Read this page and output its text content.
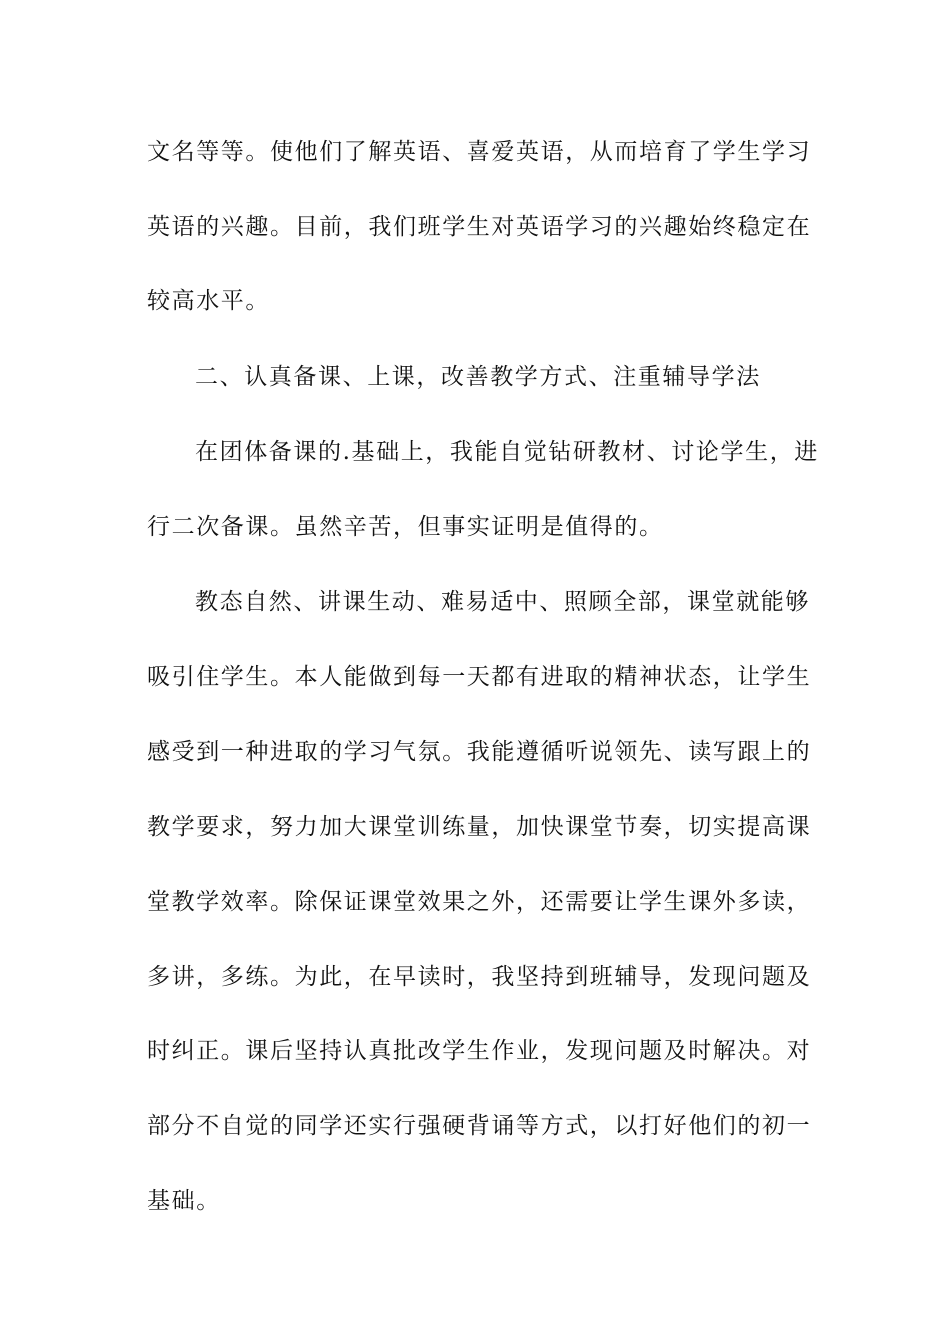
文名等等。使他们了解英语、喜爱英语，从而培育了学生学习
英语的兴趣。目前，我们班学生对英语学习的兴趣始终稳定在
较高水平。
二、认真备课、上课，改善教学方式、注重辅导学法
在团体备课的.基础上，我能自觉钻研教材、讨论学生，进
行二次备课。虽然辛苦，但事实证明是值得的。
教态自然、讲课生动、难易适中、照顾全部，课堂就能够
吸引住学生。本人能做到每一天都有进取的精神状态，让学生
感受到一种进取的学习气氛。我能遵循听说领先、读写跟上的
教学要求，努力加大课堂训练量，加快课堂节奏，切实提高课
堂教学效率。除保证课堂效果之外，还需要让学生课外多读，
多讲，多练。为此，在早读时，我坚持到班辅导，发现问题及
时纠正。课后坚持认真批改学生作业，发现问题及时解决。对
部分不自觉的同学还实行强硬背诵等方式，以打好他们的初一
基础。
